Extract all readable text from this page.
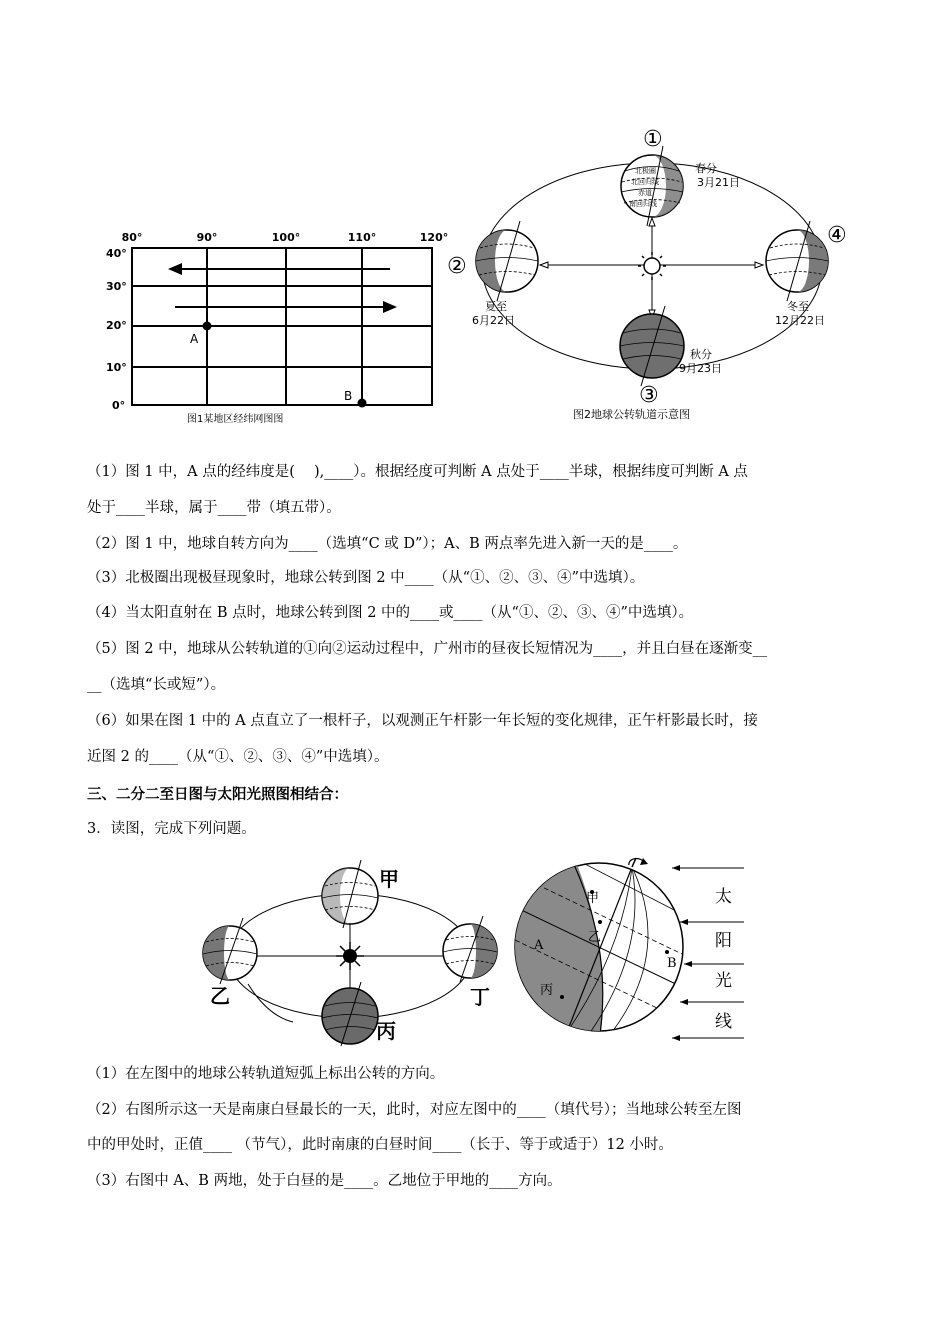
80°	90°	100°	110°	120°
40°
30°
20°
10°
0°
A
B
图1某地区经纬网图图
北极圈
北回归线
赤道
南回归线
①
春分
3月21日
②
夏至
6月22日
④
冬至
12月22日
③
秋分
9月23日
图2地球公转轨道示意图
（1）图 1 中，A 点的经纬度是(　 ),____）。根据经度可判断 A 点处于____半球，根据纬度可判断 A 点
处于____半球，属于____带（填五带）。
（2）图 1 中，地球自转方向为____（选填“C 或 D”）；A、B 两点率先进入新一天的是____。
（3）北极圈出现极昼现象时，地球公转到图 2 中____（从“①、②、③、④”中选填）。
（4）当太阳直射在 B 点时，地球公转到图 2 中的____或____（从“①、②、③、④”中选填）。
（5）图 2 中，地球从公转轨道的①向②运动过程中，广州市的昼夜长短情况为____，并且白昼在逐渐变__
__（选填“长或短”）。
（6）如果在图 1 中的 A 点直立了一根杆子，以观测正午杆影一年长短的变化规律，正午杆影最长时，接
近图 2 的____（从“①、②、③、④”中选填）。
三、二分二至日图与太阳光照图相结合：
3．读图，完成下列问题。
甲
乙	丁
丙
甲
乙
丙
A
B
太
阳
光
线
（1）在左图中的地球公转轨道短弧上标出公转的方向。
（2）右图所示这一天是南康白昼最长的一天，此时，对应左图中的____（填代号）；当地球公转至左图
中的甲处时，正值____ （节气），此时南康的白昼时间____（长于、等于或适于）12 小时。
（3）右图中 A、B 两地，处于白昼的是____。乙地位于甲地的____方向。
